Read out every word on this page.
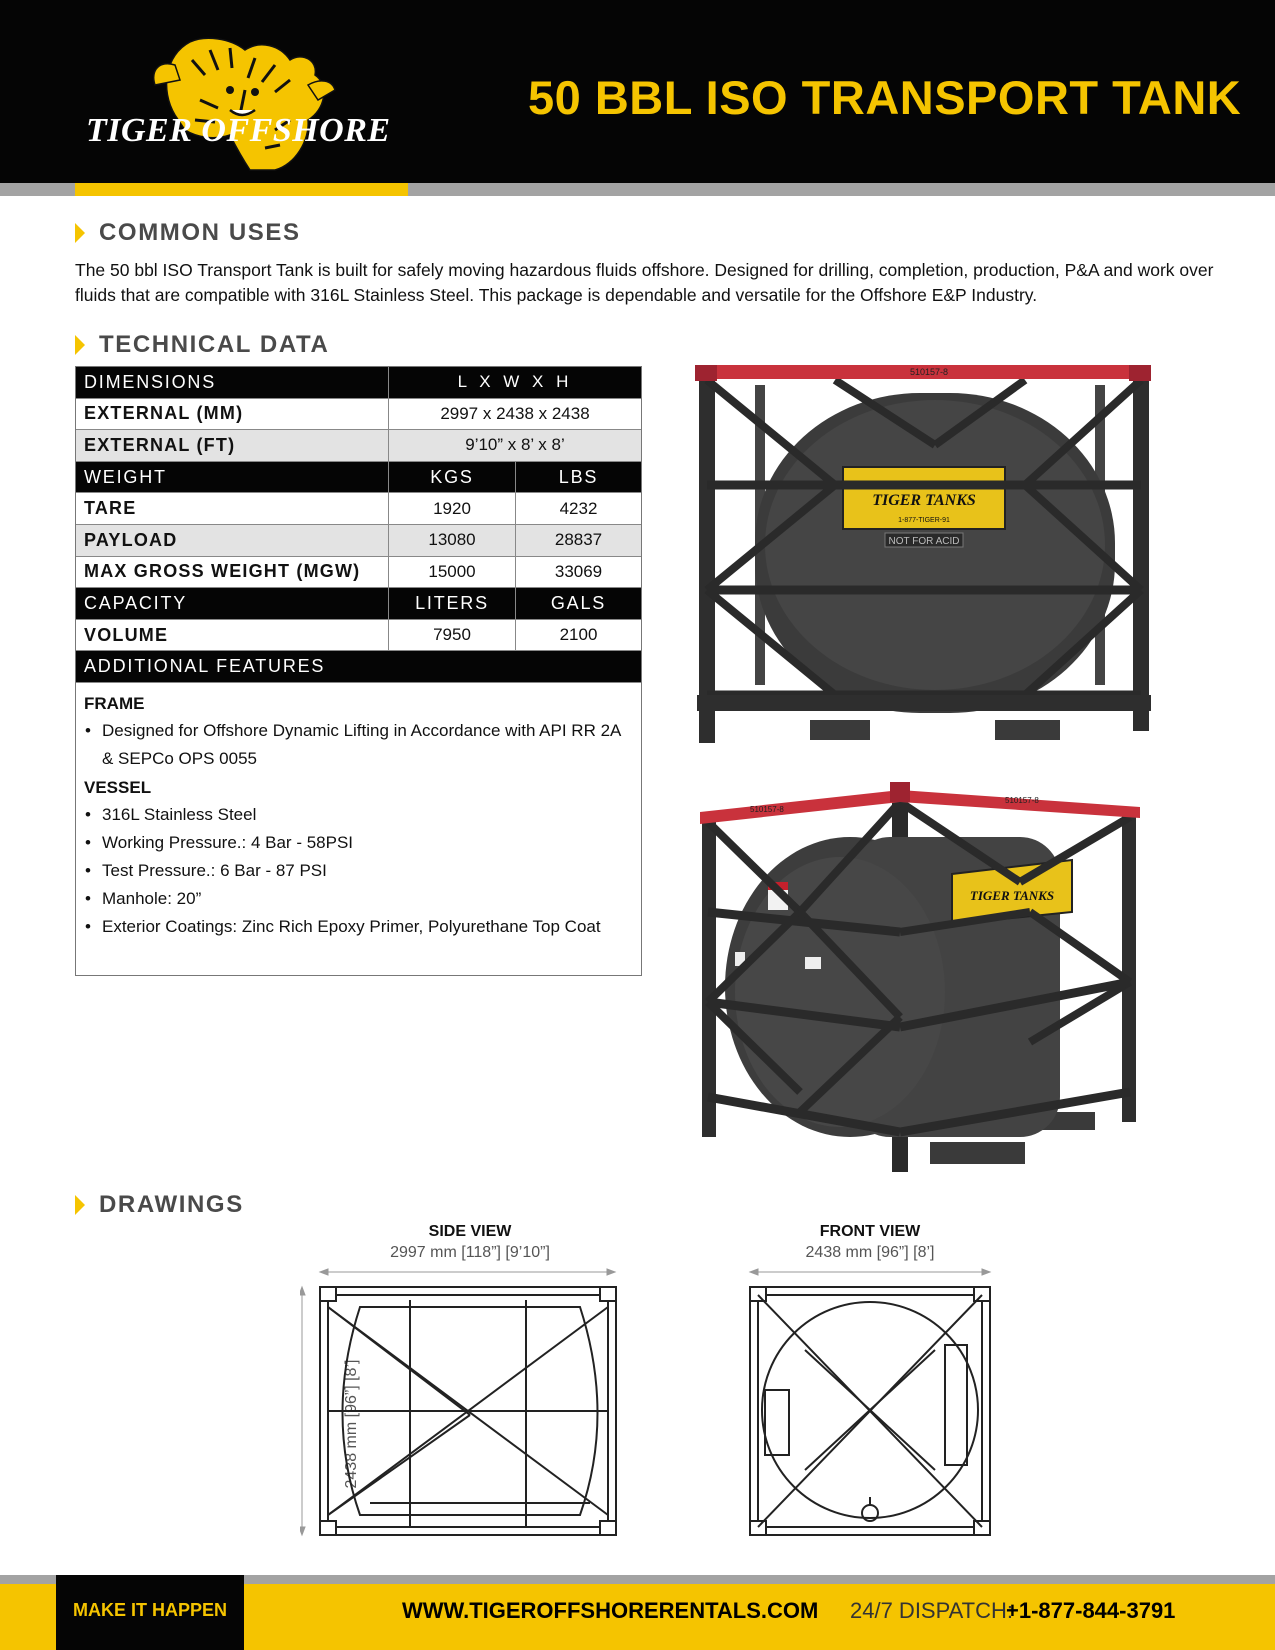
TIGER OFFSHORE
50 BBL ISO TRANSPORT TANK
COMMON USES
The 50 bbl ISO Transport Tank is built for safely moving hazardous fluids offshore. Designed for drilling, completion, production, P&A and work over fluids that are compatible with 316L Stainless Steel. This package is dependable and versatile for the Offshore E&P Industry.
TECHNICAL DATA
DIMENSIONS	L X W X H
EXTERNAL (MM)	2997 x 2438 x 2438
EXTERNAL (FT)	9’10” x 8’ x 8’
WEIGHT	KGS	LBS
TARE	1920	4232
PAYLOAD	13080	28837
MAX GROSS WEIGHT (MGW)	15000	33069
CAPACITY	LITERS	GALS
VOLUME	7950	2100
ADDITIONAL FEATURES
FRAME
• Designed for Offshore Dynamic Lifting in Accordance with API RR 2A & SEPCo OPS 0055
VESSEL
• 316L Stainless Steel
• Working Pressure.: 4 Bar - 58PSI
• Test Pressure.: 6 Bar - 87 PSI
• Manhole: 20”
• Exterior Coatings: Zinc Rich Epoxy Primer, Polyurethane Top Coat
TIGER TANKS
1-877-TIGER-91
NOT FOR ACID
510157-8
TIGER TANKS
510157-8
510157-8
DRAWINGS
SIDE VIEW
2997 mm [118”] [9’10”]
FRONT VIEW
2438 mm [96”] [8’]
2438 mm [96”] [8’]
MAKE IT HAPPEN	WWW.TIGEROFFSHORERENTALS.COM 24/7 DISPATCH:
+1-877-844-3791
